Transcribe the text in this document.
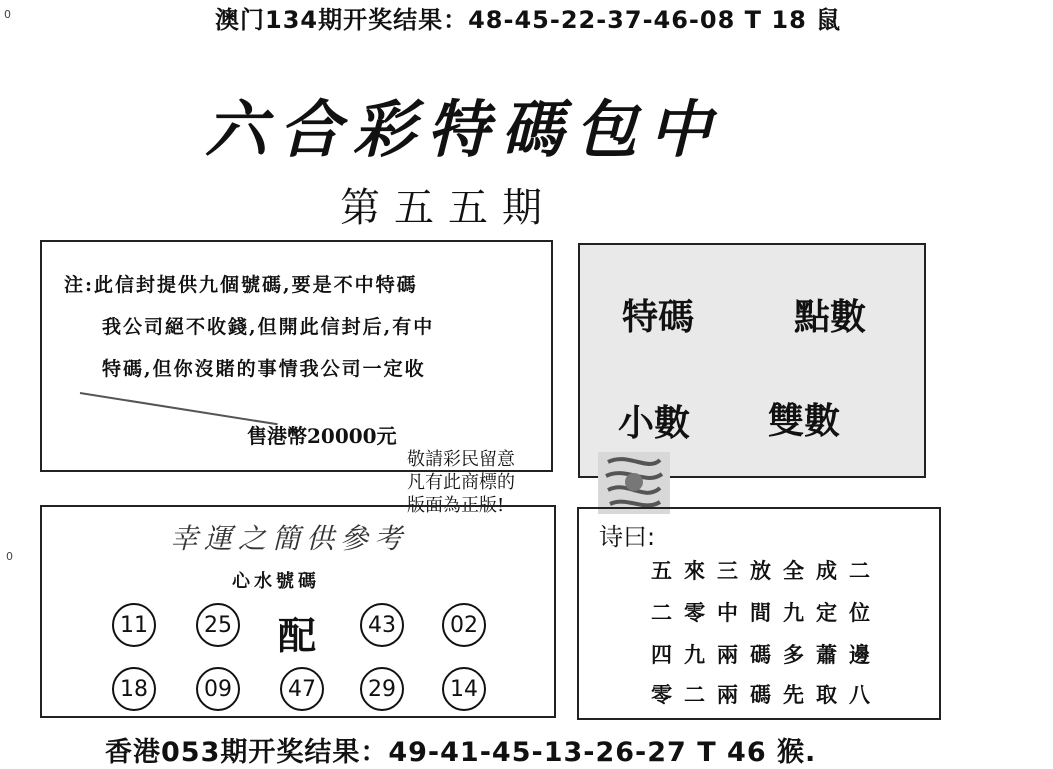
澳门134期开奖结果：48-45-22-37-46-08 T 18 鼠
六合彩特碼包中
第五五期
注:此信封提供九個號碼,要是不中特碼
我公司絕不收錢,但開此信封后,有中
特碼,但你沒賭的事情我公司一定收
售港幣20000元
特碼	點數
小數 雙數
敬請彩民留意
凡有此商標的
版面為正版!
幸運之簡供參考
心水號碼
11	25 配	43	02
18	09	47	29	14
诗曰:
五來三放全成二
二零中間九定位
四九兩碼多蕭邊
零二兩碼先取八
香港053期开奖结果：49-41-45-13-26-27 T 46 猴.
0
0
